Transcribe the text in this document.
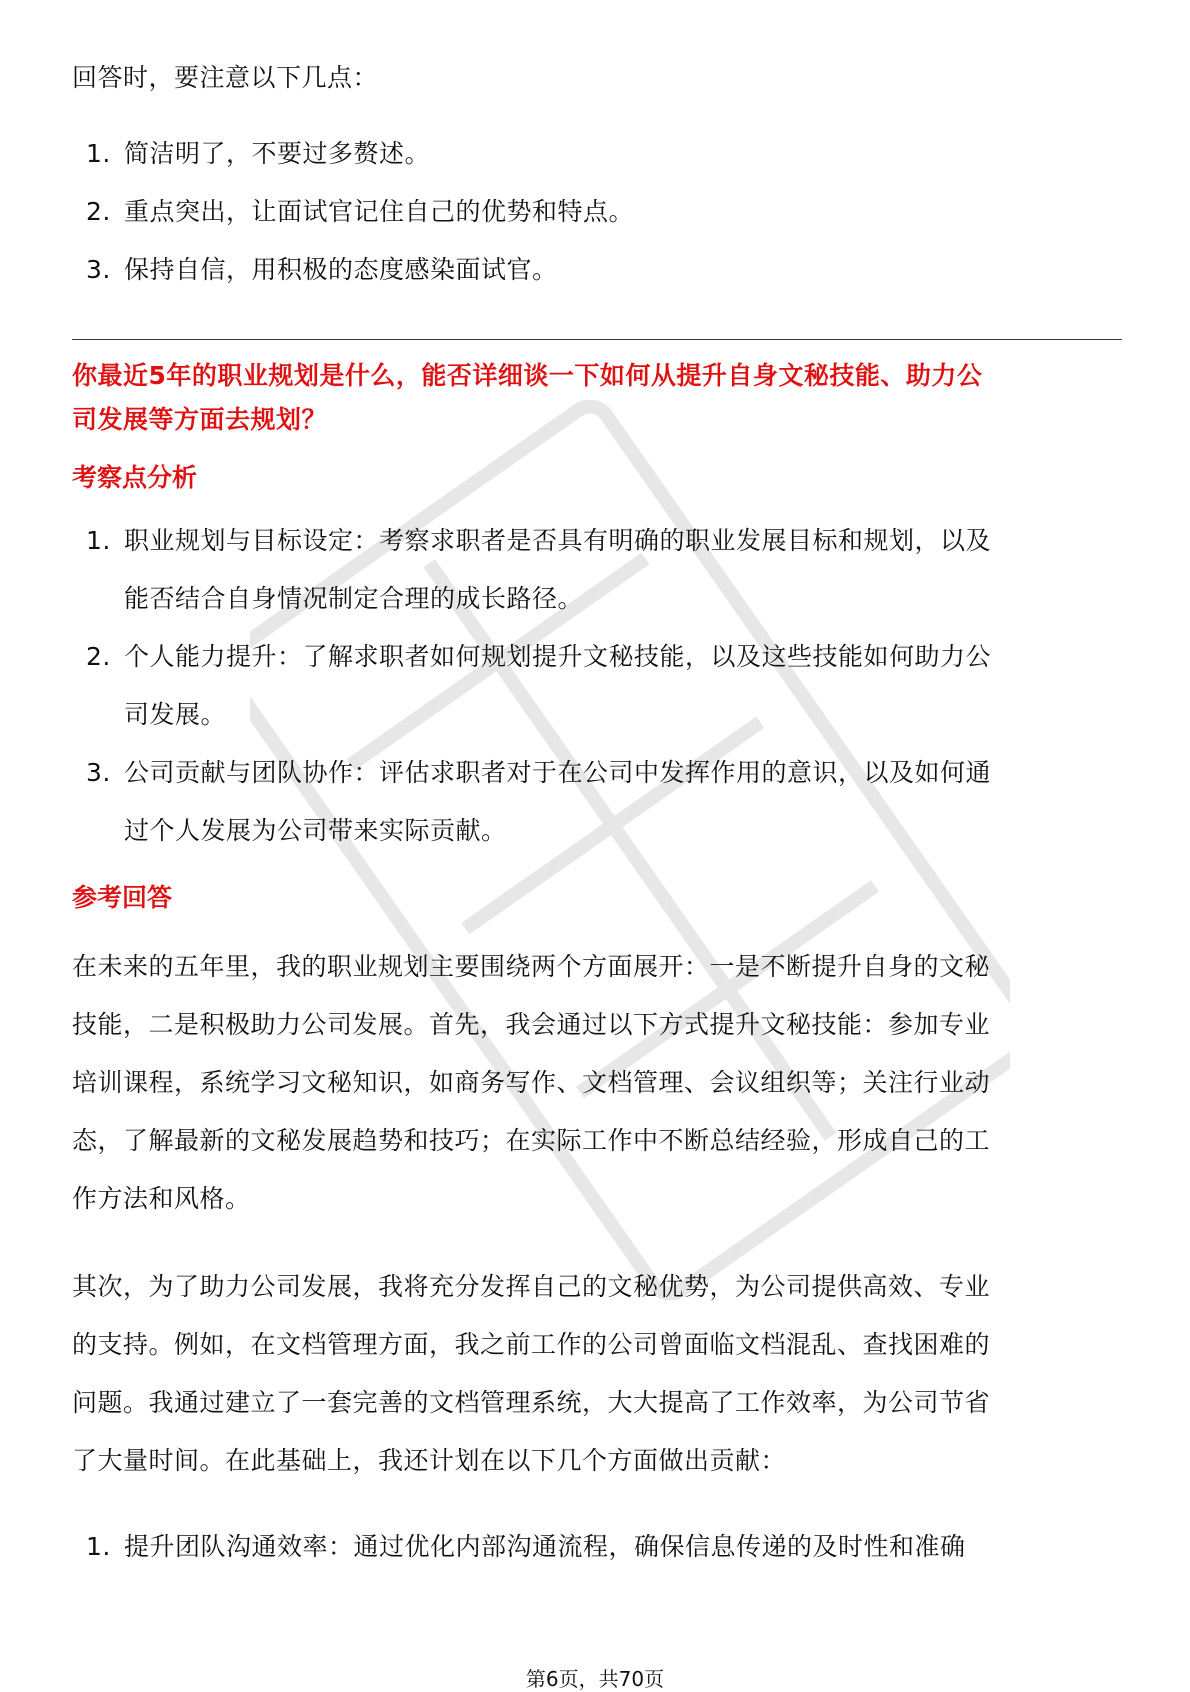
回答时，要注意以下几点：

1. 简洁明了，不要过多赘述。
2. 重点突出，让面试官记住自己的优势和特点。
3. 保持自信，用积极的态度感染面试官。

你最近5年的职业规划是什么，能否详细谈一下如何从提升自身文秘技能、助力公

司发展等方面去规划？

考察点分析

1. 职业规划与目标设定：考察求职者是否具有明确的职业发展目标和规划，以及
能否结合自身情况制定合理的成长路径。
2. 个人能力提升：了解求职者如何规划提升文秘技能，以及这些技能如何助力公
司发展。
3. 公司贡献与团队协作：评估求职者对于在公司中发挥作用的意识，以及如何通
过个人发展为公司带来实际贡献。

参考回答

在未来的五年里，我的职业规划主要围绕两个方面展开：一是不断提升自身的文秘

技能，二是积极助力公司发展。首先，我会通过以下方式提升文秘技能：参加专业

培训课程，系统学习文秘知识，如商务写作、文档管理、会议组织等；关注行业动

态，了解最新的文秘发展趋势和技巧；在实际工作中不断总结经验，形成自己的工

作方法和风格。

其次，为了助力公司发展，我将充分发挥自己的文秘优势，为公司提供高效、专业

的支持。例如，在文档管理方面，我之前工作的公司曾面临文档混乱、查找困难的

问题。我通过建立了一套完善的文档管理系统，大大提高了工作效率，为公司节省

了大量时间。在此基础上，我还计划在以下几个方面做出贡献：

1. 提升团队沟通效率：通过优化内部沟通流程，确保信息传递的及时性和准确
第6页，共70页
